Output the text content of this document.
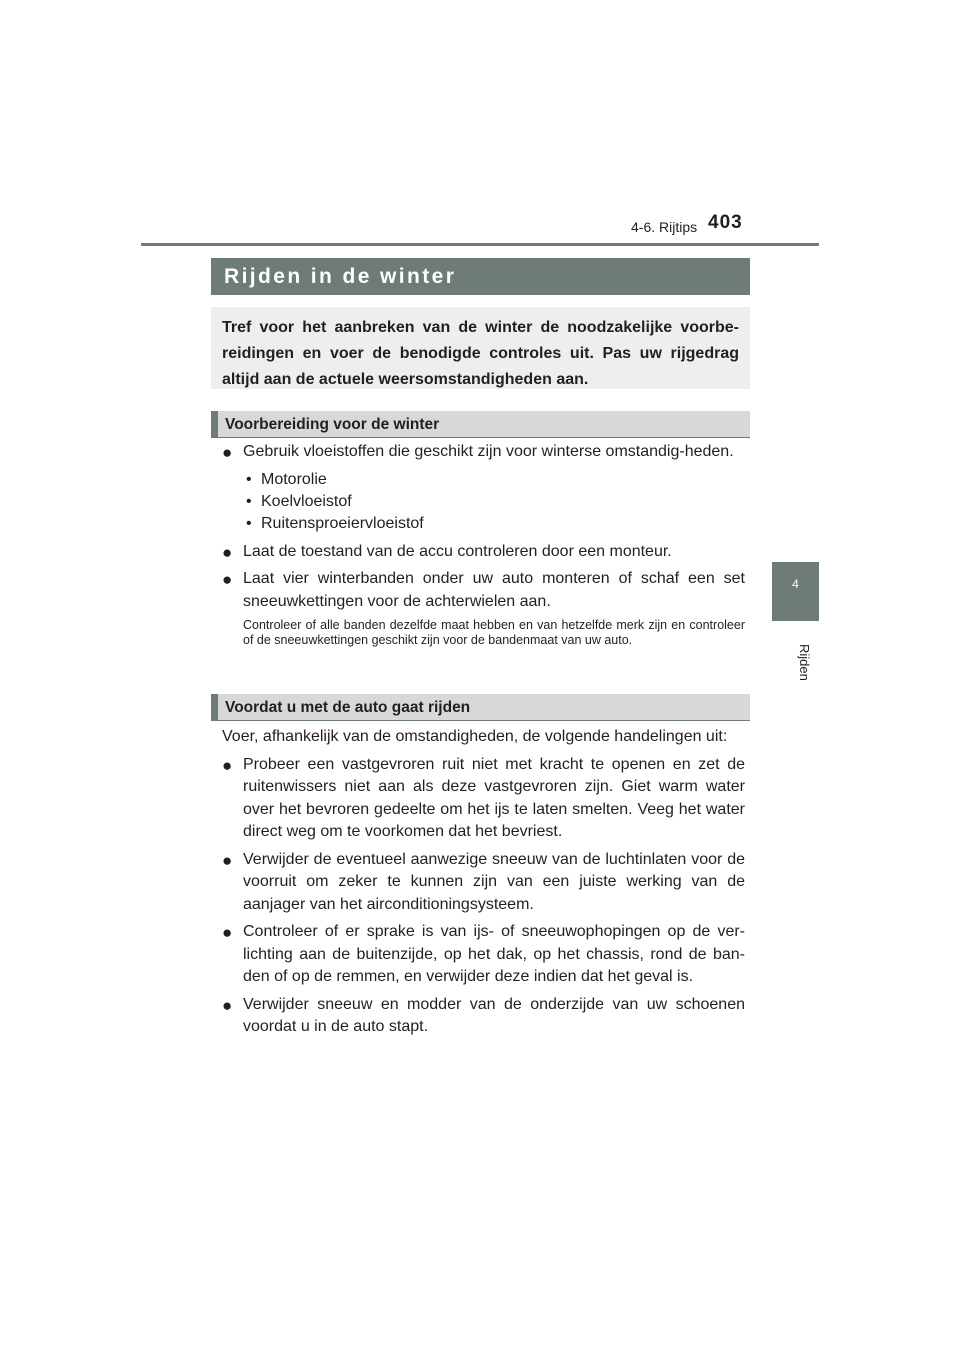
4-6. Rijtips 403
4
Rijden
Rijden in de winter
Tref voor het aanbreken van de winter de noodzakelijke voorbe-reidingen en voer de benodigde controles uit. Pas uw rijgedrag altijd aan de actuele weersomstandigheden aan.
Voorbereiding voor de winter
● Gebruik vloeistoffen die geschikt zijn voor winterse omstandig-heden.
• Motorolie
• Koelvloeistof
• Ruitensproeiervloeistof
● Laat de toestand van de accu controleren door een monteur.
● Laat vier winterbanden onder uw auto monteren of schaf een set sneeuwkettingen voor de achterwielen aan.
Controleer of alle banden dezelfde maat hebben en van hetzelfde merk zijn en controleer of de sneeuwkettingen geschikt zijn voor de bandenmaat van uw auto.
Voordat u met de auto gaat rijden
Voer, afhankelijk van de omstandigheden, de volgende handelingen uit:
● Probeer een vastgevroren ruit niet met kracht te openen en zet de ruitenwissers niet aan als deze vastgevroren zijn. Giet warm water over het bevroren gedeelte om het ijs te laten smelten. Veeg het water direct weg om te voorkomen dat het bevriest.
● Verwijder de eventueel aanwezige sneeuw van de luchtinlaten voor de voorruit om zeker te kunnen zijn van een juiste werking van de aanjager van het airconditioningsysteem.
● Controleer of er sprake is van ijs- of sneeuwophopingen op de ver-lichting aan de buitenzijde, op het dak, op het chassis, rond de ban-den of op de remmen, en verwijder deze indien dat het geval is.
● Verwijder sneeuw en modder van de onderzijde van uw schoenen voordat u in de auto stapt.
